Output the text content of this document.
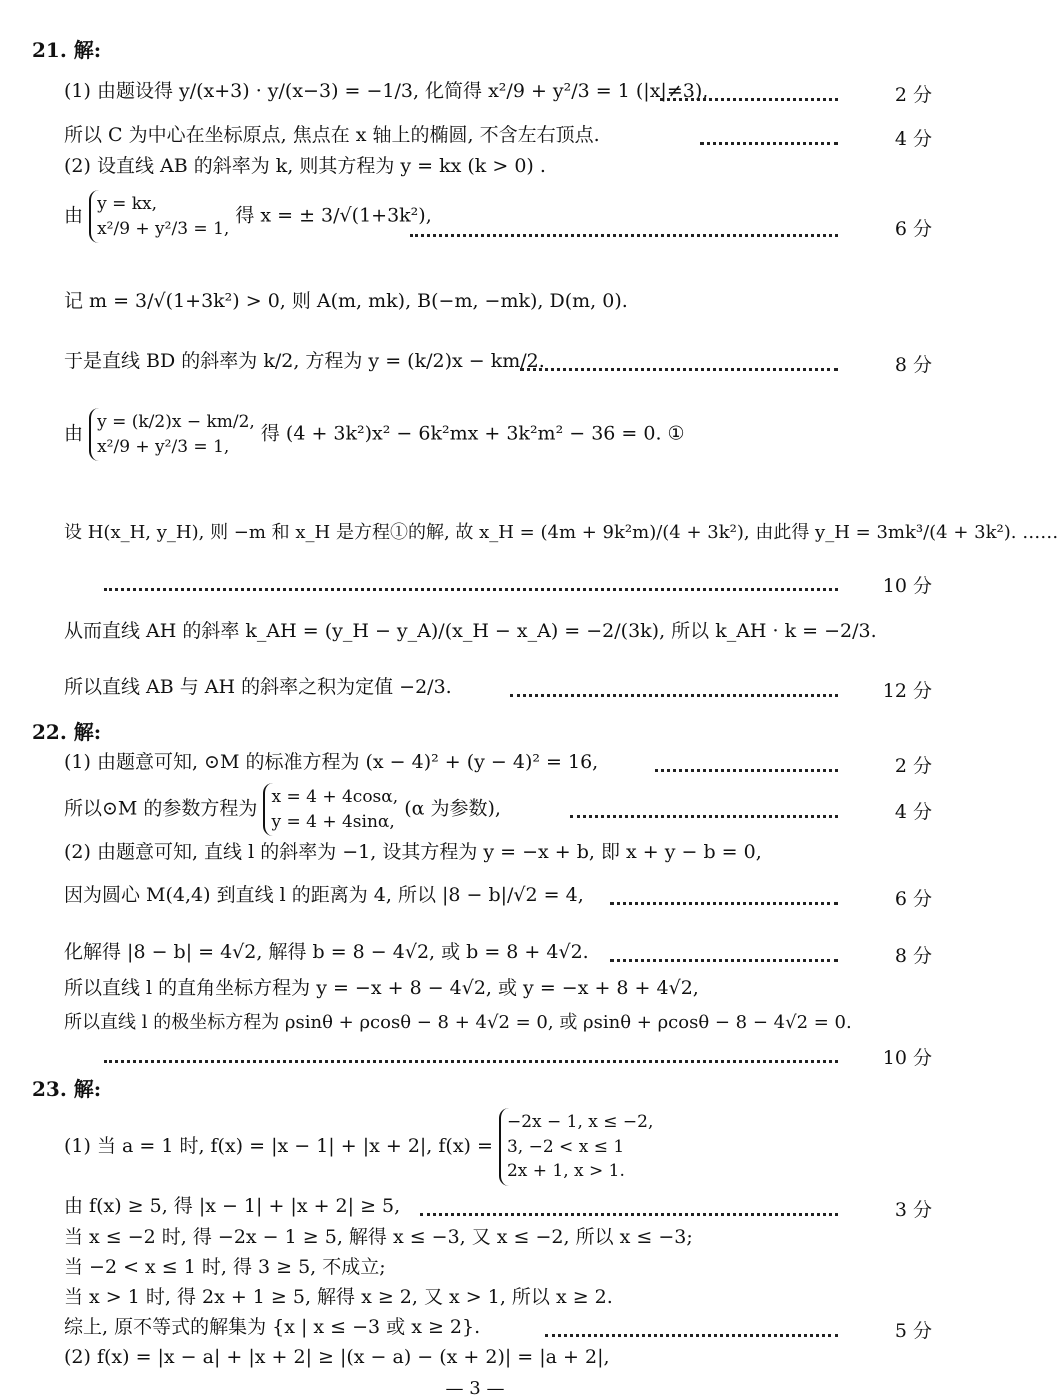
21. 解:
(1) 由题设得 y/(x+3) · y/(x−3) = −1/3, 化简得 x²/9 + y²/3 = 1 (|x|≠3),	2 分
所以 C 为中心在坐标原点, 焦点在 x 轴上的椭圆, 不含左右顶点.	4 分
(2) 设直线 AB 的斜率为 k, 则其方程为 y = kx (k > 0) .
由
y = kx,
x²/9 + y²/3 = 1,
得 x = ± 3/√(1+3k²),
6 分
记 m = 3/√(1+3k²) > 0, 则 A(m, mk), B(−m, −mk), D(m, 0).
于是直线 BD 的斜率为 k/2, 方程为 y = (k/2)x − km/2.	8 分
由
y = (k/2)x − km/2,
x²/9 + y²/3 = 1,
得 (4 + 3k²)x² − 6k²mx + 3k²m² − 36 = 0. ①
设 H(x_H, y_H), 则 −m 和 x_H 是方程①的解, 故 x_H = (4m + 9k²m)/(4 + 3k²), 由此得 y_H = 3mk³/(4 + 3k²). ……
10 分
从而直线 AH 的斜率 k_AH = (y_H − y_A)/(x_H − x_A) = −2/(3k), 所以 k_AH · k = −2/3.
所以直线 AB 与 AH 的斜率之积为定值 −2/3.	12 分
22. 解:
(1) 由题意可知, ⊙M 的标准方程为 (x − 4)² + (y − 4)² = 16,	2 分
所以⊙M 的参数方程为
x = 4 + 4cosα,
y = 4 + 4sinα,
(α 为参数),	4 分
(2) 由题意可知, 直线 l 的斜率为 −1, 设其方程为 y = −x + b, 即 x + y − b = 0,
因为圆心 M(4,4) 到直线 l 的距离为 4, 所以 |8 − b|/√2 = 4,	6 分
化解得 |8 − b| = 4√2, 解得 b = 8 − 4√2, 或 b = 8 + 4√2.	8 分
所以直线 l 的直角坐标方程为 y = −x + 8 − 4√2, 或 y = −x + 8 + 4√2,
所以直线 l 的极坐标方程为 ρsinθ + ρcosθ − 8 + 4√2 = 0, 或 ρsinθ + ρcosθ − 8 − 4√2 = 0.
10 分
23. 解:
(1) 当 a = 1 时, f(x) = |x − 1| + |x + 2|, f(x) =
−2x − 1, x ≤ −2,
3, −2 < x ≤ 1
2x + 1, x > 1.
由 f(x) ≥ 5, 得 |x − 1| + |x + 2| ≥ 5,	3 分
当 x ≤ −2 时, 得 −2x − 1 ≥ 5, 解得 x ≤ −3, 又 x ≤ −2, 所以 x ≤ −3;
当 −2 < x ≤ 1 时, 得 3 ≥ 5, 不成立;
当 x > 1 时, 得 2x + 1 ≥ 5, 解得 x ≥ 2, 又 x > 1, 所以 x ≥ 2.
综上, 原不等式的解集为 {x | x ≤ −3 或 x ≥ 2}.	5 分
(2) f(x) = |x − a| + |x + 2| ≥ |(x − a) − (x + 2)| = |a + 2|,
— 3 —
